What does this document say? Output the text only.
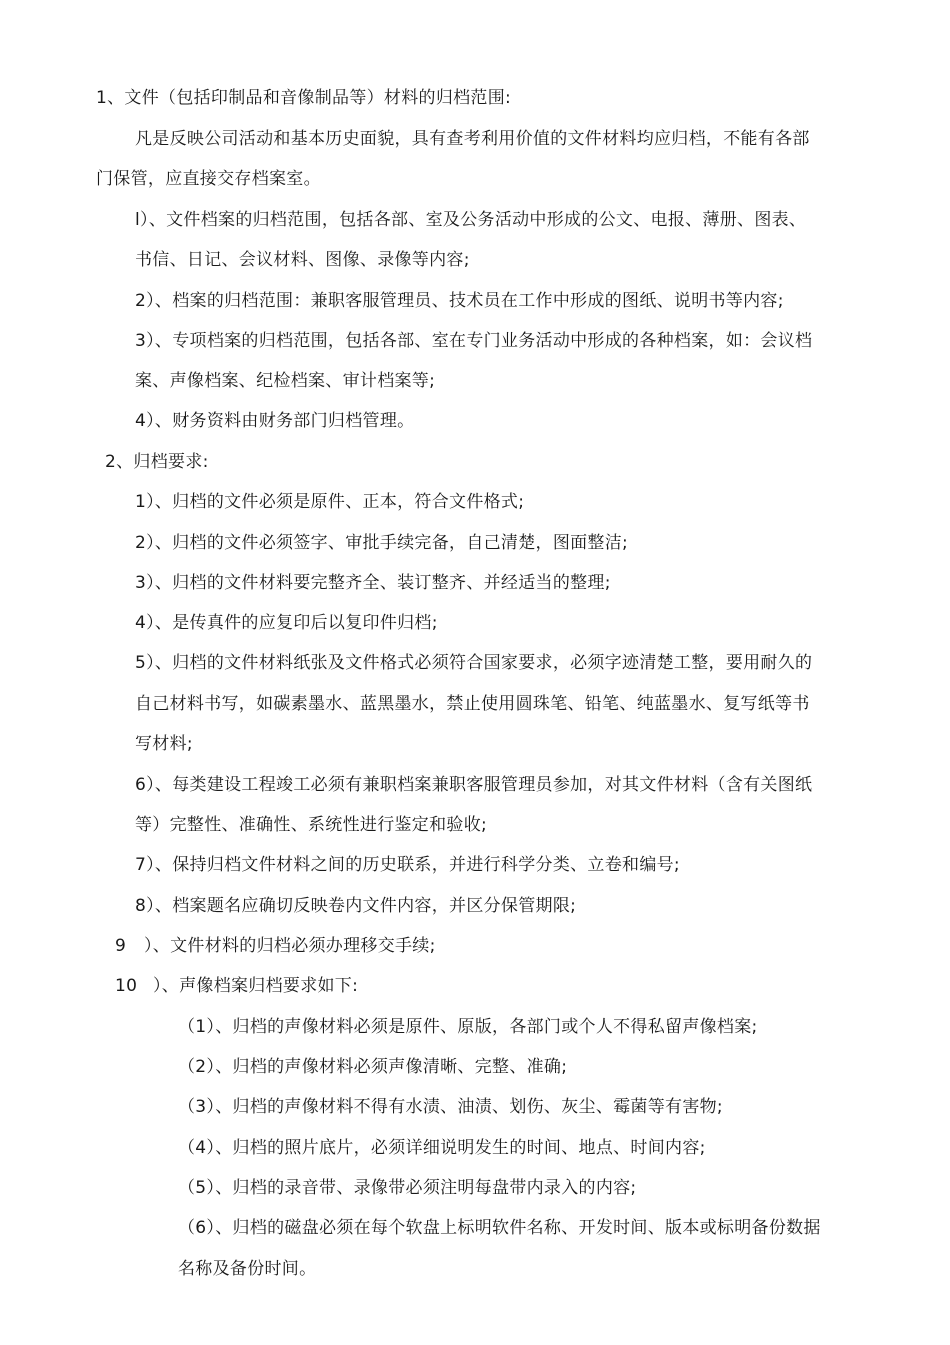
1、文件（包括印制品和音像制品等）材料的归档范围:
凡是反映公司活动和基本历史面貌，具有查考利用价值的文件材料均应归档，不能有各部
门保管，应直接交存档案室。
l）、文件档案的归档范围，包括各部、室及公务活动中形成的公文、电报、薄册、图表、
书信、日记、会议材料、图像、录像等内容;
2）、档案的归档范围：兼职客服管理员、技术员在工作中形成的图纸、说明书等内容;
3）、专项档案的归档范围，包括各部、室在专门业务活动中形成的各种档案，如：会议档
案、声像档案、纪检档案、审计档案等;
4）、财务资料由财务部门归档管理。
2、归档要求:
1）、归档的文件必须是原件、正本，符合文件格式;
2）、归档的文件必须签字、审批手续完备，自己清楚，图面整洁;
3）、归档的文件材料要完整齐全、装订整齐、并经适当的整理;
4）、是传真件的应复印后以复印件归档;
5）、归档的文件材料纸张及文件格式必须符合国家要求，必须字迹清楚工整，要用耐久的
自己材料书写，如碳素墨水、蓝黑墨水，禁止使用圆珠笔、铅笔、纯蓝墨水、复写纸等书
写材料;
6）、每类建设工程竣工必须有兼职档案兼职客服管理员参加，对其文件材料（含有关图纸
等）完整性、准确性、系统性进行鉴定和验收;
7）、保持归档文件材料之间的历史联系，并进行科学分类、立卷和编号;
8）、档案题名应确切反映卷内文件内容，并区分保管期限;
9 ）、文件材料的归档必须办理移交手续;
10 ）、声像档案归档要求如下:
（1）、归档的声像材料必须是原件、原版，各部门或个人不得私留声像档案;
（2）、归档的声像材料必须声像清晰、完整、准确;
（3）、归档的声像材料不得有水渍、油渍、划伤、灰尘、霉菌等有害物;
（4）、归档的照片底片，必须详细说明发生的时间、地点、时间内容;
（5）、归档的录音带、录像带必须注明每盘带内录入的内容;
（6）、归档的磁盘必须在每个软盘上标明软件名称、开发时间、版本或标明备份数据
名称及备份时间。
